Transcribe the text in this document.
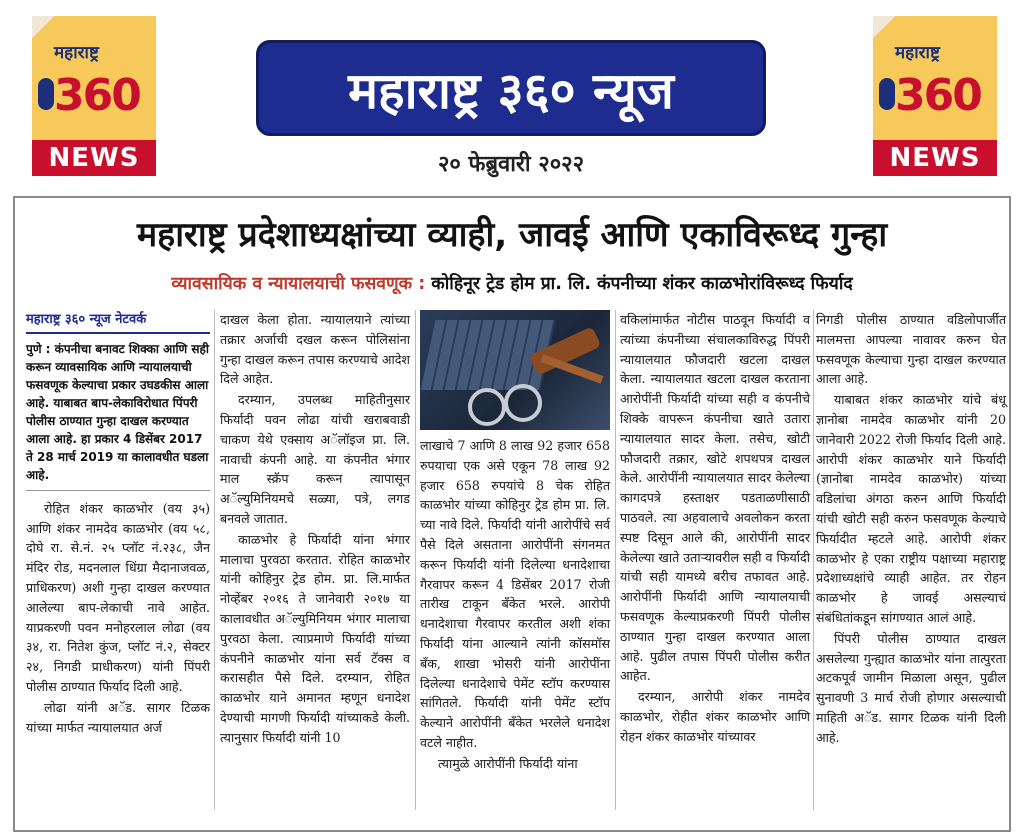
महाराष्ट्र
360
NEWS
महाराष्ट्र
360
NEWS
महाराष्ट्र ३६० न्यूज
२० फेब्रुवारी २०२२
महाराष्ट्र प्रदेशाध्यक्षांच्या व्याही, जावई आणि एकाविरूध्द गुन्हा
व्यावसायिक व न्यायालयाची फसवणूक : कोहिनूर ट्रेड होम प्रा. लि. कंपनीच्या शंकर काळभोरांविरूध्द फिर्याद
महाराष्ट्र ३६० न्यूज नेटवर्क
पुणे : कंपनीचा बनावट शिक्का आणि सही करून व्यावसायिक आणि न्यायालयाची फसवणूक केल्याचा प्रकार उघडकीस आला आहे. याबाबत बाप-लेकाविरोधात पिंपरी पोलीस ठाण्यात गुन्हा दाखल करण्यात आला आहे. हा प्रकार 4 डिसेंबर 2017 ते 28 मार्च 2019 या कालावधीत घडला आहे.

रोहित शंकर काळभोर (वय ३५) आणि शंकर नामदेव काळभोर (वय ५८, दोघे रा. से.नं. २५ प्लॉट नं.२३८, जैन मंदिर रोड, मदनलाल धिंग्रा मैदानाजवळ, प्राधिकरण) अशी गुन्हा दाखल करण्यात आलेल्या बाप-लेकाची नावे आहेत. याप्रकरणी पवन मनोहरलाल लोढा (वय ३४, रा. नितेश कुंज, प्लॉट नं.२, सेक्टर २४, निगडी प्राधीकरण) यांनी पिंपरी पोलीस ठाण्यात फिर्याद दिली आहे.

लोढा यांनी अॅड. सागर टिळक यांच्या मार्फत न्यायालयात अर्ज

दाखल केला होता. न्यायालयाने त्यांच्या तक्रार अर्जाची दखल करून पोलिसांना गुन्हा दाखल करून तपास करण्याचे आदेश दिले आहेत.

दरम्यान, उपलब्ध माहितीनुसार फिर्यादी पवन लोढा यांची खराबवाडी चाकण येथे एक्साय अॅलॉइज प्रा. लि. नावाची कंपनी आहे. या कंपनीत भंगार माल स्क्रॅप करून त्यापासून अॅल्युमिनियमचे सळ्या, पत्रे, लगड बनवले जातात.

काळभोर हे फिर्यादी यांना भंगार मालाचा पुरवठा करतात. रोहित काळभोर यांनी कोहिनुर ट्रेड होम. प्रा. लि.मार्फत नोव्हेंबर २०१६ ते जानेवारी २०१७ या कालावधीत अॅल्युमिनियम भंगार मालाचा पुरवठा केला. त्याप्रमाणे फिर्यादी यांच्या कंपनीने काळभोर यांना सर्व टॅक्स व करासहीत पैसे दिले. दरम्यान, रोहित काळभोर याने अमानत म्हणून धनादेश देण्याची मागणी फिर्यादी यांच्याकडे केली. त्यानुसार फिर्यादी यांनी 10

लाखाचे 7 आणि 8 लाख 92 हजार 658 रुपयाचा एक असे एकून 78 लाख 92 हजार 658 रुपयांचे 8 चेक रोहित काळभोर यांच्या कोहिनुर ट्रेड होम प्रा. लि. च्या नावे दिले. फिर्यादी यांनी आरोपींचे सर्व पैसे दिले असताना आरोपींनी संगनमत करून फिर्यादी यांनी दिलेल्या धनादेशाचा गैरवापर करून 4 डिसेंबर 2017 रोजी तारीख टाकून बँकेत भरले. आरोपी धनादेशाचा गैरवापर करतील अशी शंका फिर्यादी यांना आल्याने त्यांनी कॉसमॉस बँक, शाखा भोसरी यांनी आरोपींना दिलेल्या धनादेशाचे पेमेंट स्टॉप करण्यास सांगितले. फिर्यादी यांनी पेमेंट स्टॉप केल्याने आरोपींनी बँकेत भरलेले धनादेश वटले नाहीत.

त्यामुळे आरोपींनी फिर्यादी यांना

वकिलांमार्फत नोटीस पाठवून फिर्यादी व त्यांच्या कंपनीच्या संचालकाविरुद्ध पिंपरी न्यायालयात फौजदारी खटला दाखल केला. न्यायालयात खटला दाखल करताना आरोपींनी फिर्यादी यांच्या सही व कंपनीचे शिक्के वापरून कंपनीचा खाते उतारा न्यायालयात सादर केला. तसेच, खोटी फौजदारी तक्रार, खोटे शपथपत्र दाखल केले. आरोपींनी न्यायालयात सादर केलेल्या कागदपत्रे हस्ताक्षर पडताळणीसाठी पाठवले. त्या अहवालाचे अवलोकन करता स्पष्ट दिसून आले की, आरोपींनी सादर केलेल्या खाते उताऱ्यावरील सही व फिर्यादी यांची सही यामध्ये बरीच तफावत आहे. आरोपींनी फिर्यादी आणि न्यायालयाची फसवणूक केल्याप्रकरणी पिंपरी पोलीस ठाण्यात गुन्हा दाखल करण्यात आला आहे. पुढील तपास पिंपरी पोलीस करीत आहेत.

दरम्यान, आरोपी शंकर नामदेव काळभोर, रोहीत शंकर काळभोर आणि रोहन शंकर काळभोर यांच्यावर

निगडी पोलीस ठाण्यात वडिलोपार्जीत मालमत्ता आपल्या नावावर करुन घेत फसवणूक केल्याचा गुन्हा दाखल करण्यात आला आहे.

याबाबत शंकर काळभोर यांचे बंधू ज्ञानोबा नामदेव काळभोर यांनी 20 जानेवारी 2022 रोजी फिर्याद दिली आहे. आरोपी शंकर काळभोर याने फिर्यादी (ज्ञानोबा नामदेव काळभोर) यांच्या वडिलांचा अंगठा करुन आणि फिर्यादी यांची खोटी सही करुन फसवणूक केल्याचे फिर्यादीत म्हटले आहे. आरोपी शंकर काळभोर हे एका राष्ट्रीय पक्षाच्या महाराष्ट्र प्रदेशाध्यक्षांचे व्याही आहेत. तर रोहन काळभोर हे जावई असल्याचं संबंधितांकडून सांगण्यात आलं आहे.

पिंपरी पोलीस ठाण्यात दाखल असलेल्या गुन्ह्यात काळभोर यांना तात्पुरता अटकपूर्व जामीन मिळाला असून, पुढील सुनावणी 3 मार्च रोजी होणार असल्याची माहिती अॅड. सागर टिळक यांनी दिली आहे.
